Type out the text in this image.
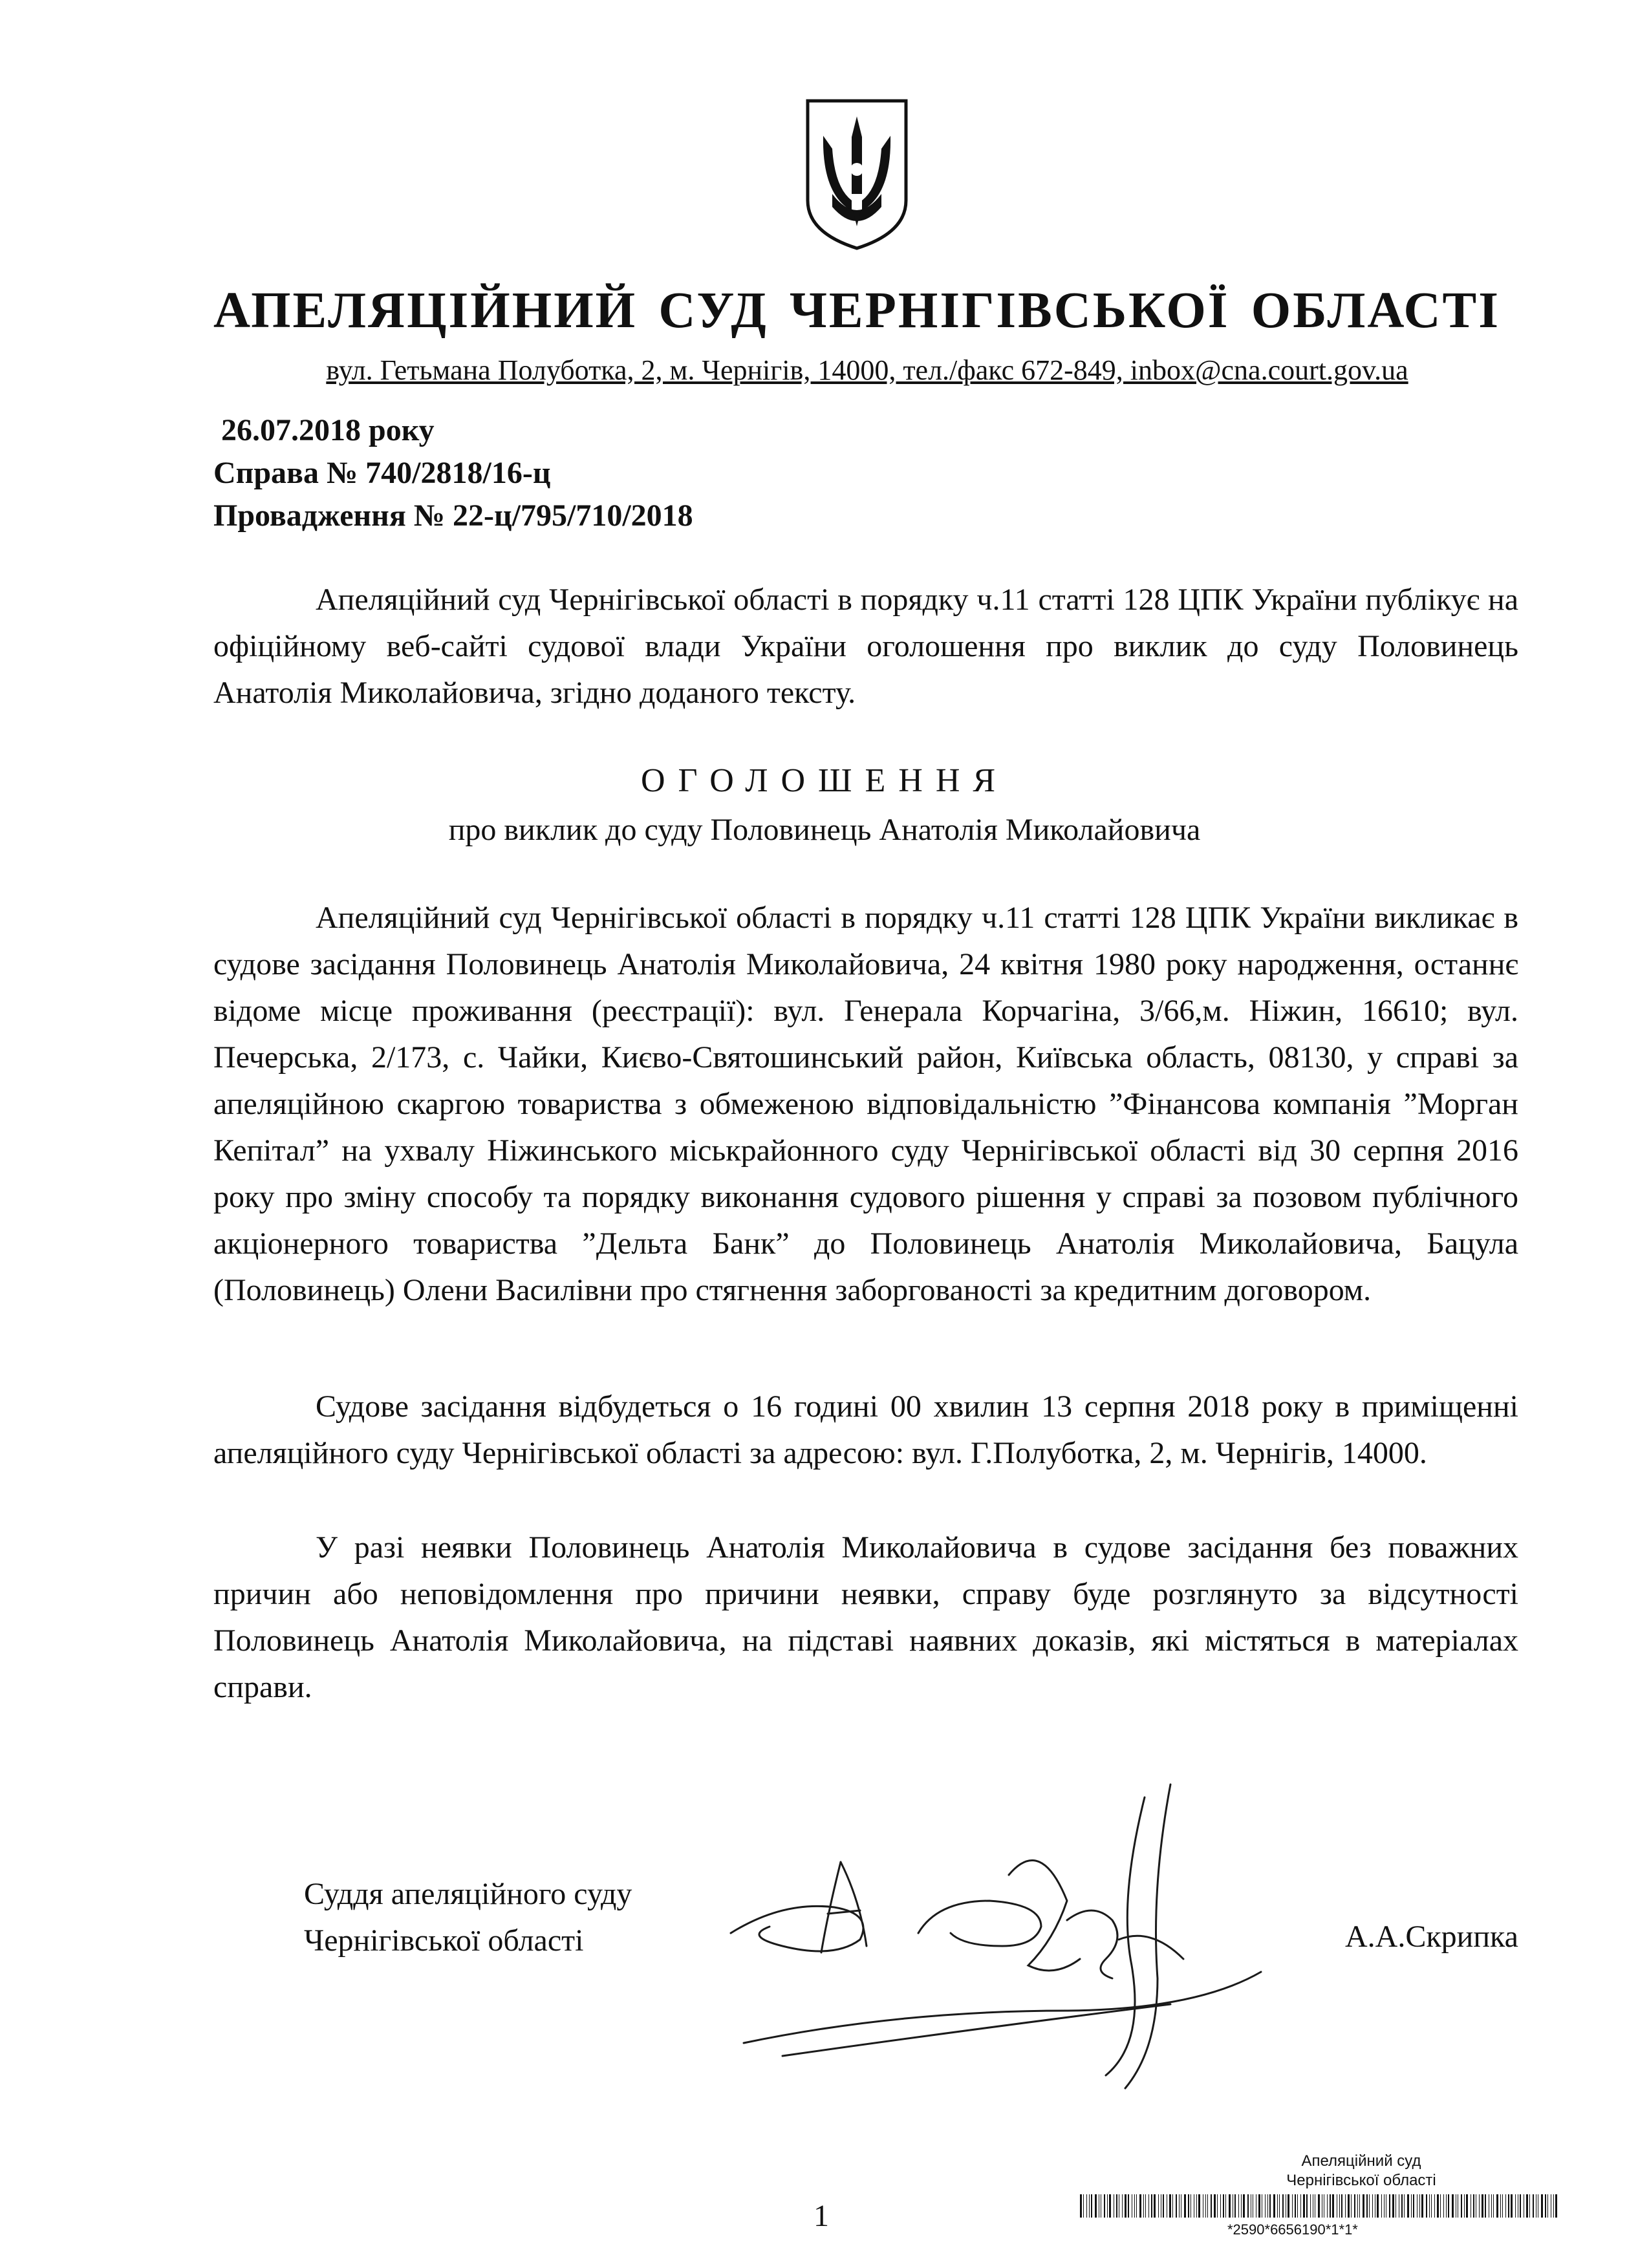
АПЕЛЯЦІЙНИЙ СУД ЧЕРНІГІВСЬКОЇ ОБЛАСТІ
вул. Гетьмана Полуботка, 2, м. Чернігів, 14000, тел./факс 672-849, inbox@cna.court.gov.ua
26.07.2018 року
Справа № 740/2818/16-ц
Провадження № 22-ц/795/710/2018

Апеляційний суд Чернігівської області в порядку ч.11 статті 128 ЦПК України публікує на офіційному веб-сайті судової влади України оголошення про виклик до суду Половинець Анатолія Миколайовича, згідно доданого тексту.

ОГОЛОШЕННЯ
про виклик до суду Половинець Анатолія Миколайовича

Апеляційний суд Чернігівської області в порядку ч.11 статті 128 ЦПК України викликає в судове засідання Половинець Анатолія Миколайовича, 24 квітня 1980 року народження, останнє відоме місце проживання (реєстрації): вул. Генерала Корчагіна, 3/66,м. Ніжин, 16610; вул. Печерська, 2/173, с. Чайки, Києво-Святошинський район, Київська область, 08130, у справі за апеляційною скаргою товариства з обмеженою відповідальністю ”Фінансова компанія ”Морган Кепітал” на ухвалу Ніжинського міськрайонного суду Чернігівської області від 30 серпня 2016 року про зміну способу та порядку виконання судового рішення у справі за позовом публічного акціонерного товариства ”Дельта Банк” до Половинець Анатолія Миколайовича, Бацула (Половинець) Олени Василівни про стягнення заборгованості за кредитним договором.

Судове засідання відбудеться о 16 годині 00 хвилин 13 серпня 2018 року в приміщенні апеляційного суду Чернігівської області за адресою: вул. Г.Полуботка, 2, м. Чернігів, 14000.

У разі неявки Половинець Анатолія Миколайовича в судове засідання без поважних причин або неповідомлення про причини неявки, справу буде розглянуто за відсутності Половинець Анатолія Миколайовича, на підставі наявних доказів, які містяться в матеріалах справи.

Суддя апеляційного суду
Чернігівської області	А.А.Скрипка
Апеляційний суд
Чернігівської області
*2590*6656190*1*1*
1
